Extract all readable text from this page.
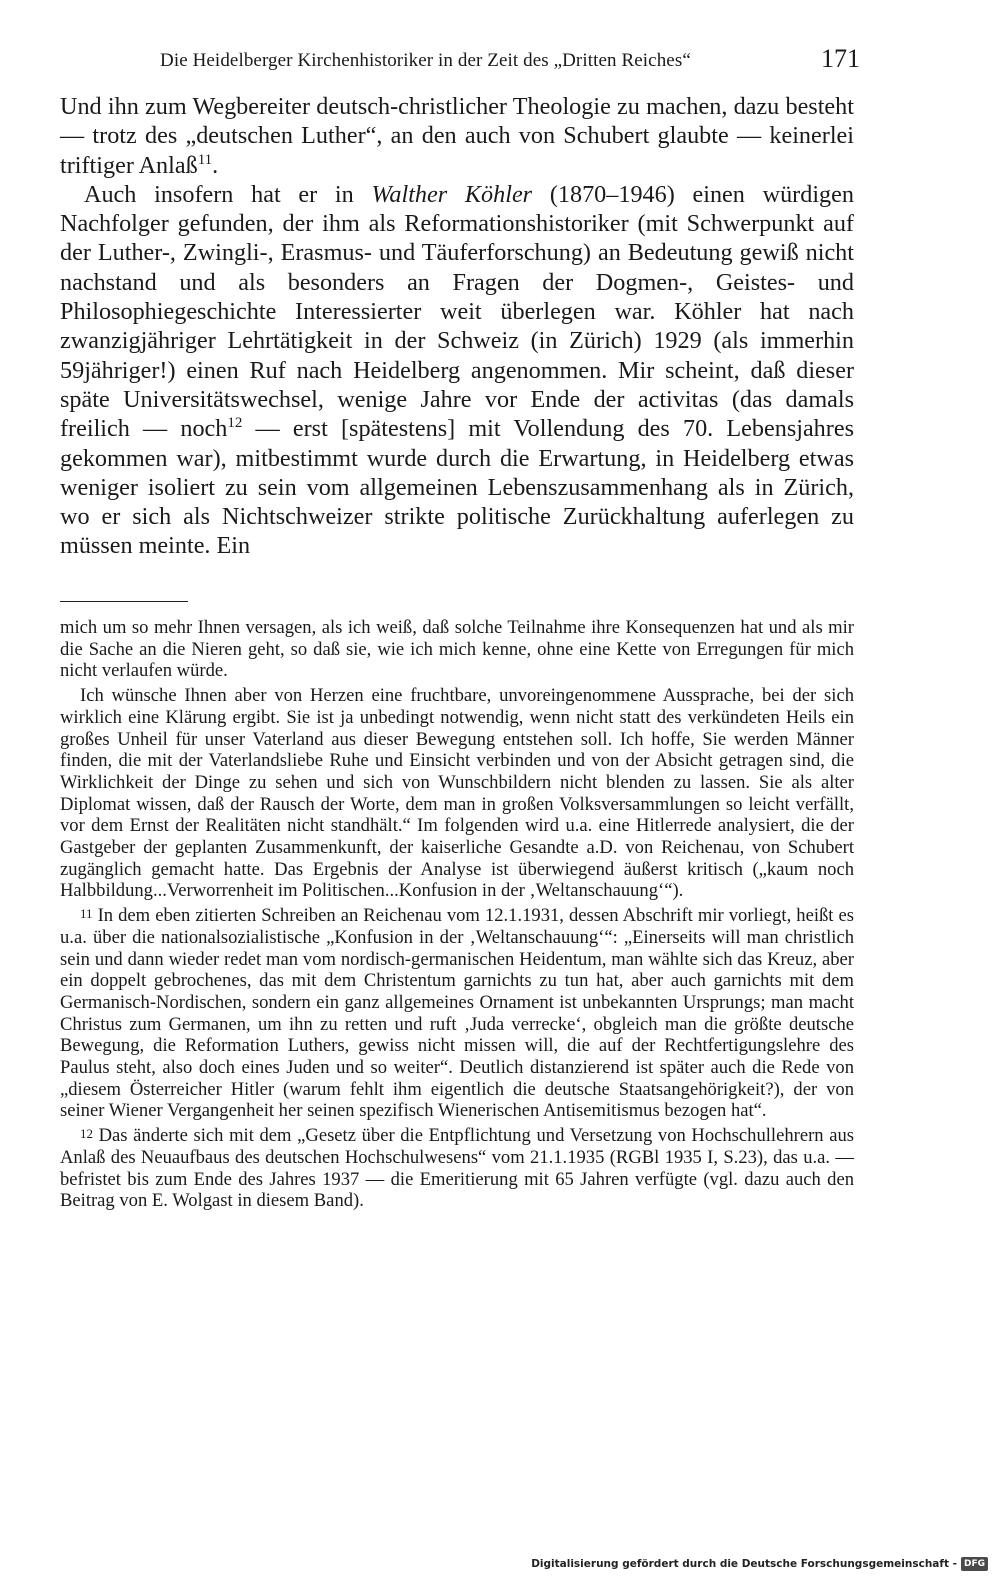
Die Heidelberger Kirchenhistoriker in der Zeit des „Dritten Reiches“	171

Und ihn zum Wegbereiter deutsch-christlicher Theologie zu machen, dazu besteht — trotz des „deutschen Luther“, an den auch von Schubert glaubte — keinerlei triftiger Anlaß$^{11}$.

Auch insofern hat er in Walther Köhler (1870–1946) einen würdigen Nachfolger gefunden, der ihm als Reformationshistoriker (mit Schwerpunkt auf der Luther-, Zwingli-, Erasmus- und Täuferforschung) an Bedeutung gewiß nicht nachstand und als besonders an Fragen der Dogmen-, Geistes- und Philosophiegeschichte Interessierter weit überlegen war. Köhler hat nach zwanzigjähriger Lehrtätigkeit in der Schweiz (in Zürich) 1929 (als immerhin 59jähriger!) einen Ruf nach Heidelberg angenommen. Mir scheint, daß dieser späte Universitätswechsel, wenige Jahre vor Ende der activitas (das damals freilich — noch$^{12}$ — erst [spätestens] mit Vollendung des 70. Lebensjahres gekommen war), mitbestimmt wurde durch die Erwartung, in Heidelberg etwas weniger isoliert zu sein vom allgemeinen Lebenszusammenhang als in Zürich, wo er sich als Nichtschweizer strikte politische Zurückhaltung auferlegen zu müssen meinte. Ein

mich um so mehr Ihnen versagen, als ich weiß, daß solche Teilnahme ihre Konsequenzen hat und als mir die Sache an die Nieren geht, so daß sie, wie ich mich kenne, ohne eine Kette von Erregungen für mich nicht verlaufen würde.

Ich wünsche Ihnen aber von Herzen eine fruchtbare, unvoreingenommene Aussprache, bei der sich wirklich eine Klärung ergibt. Sie ist ja unbedingt notwendig, wenn nicht statt des verkündeten Heils ein großes Unheil für unser Vaterland aus dieser Bewegung entstehen soll. Ich hoffe, Sie werden Männer finden, die mit der Vaterlandsliebe Ruhe und Einsicht verbinden und von der Absicht getragen sind, die Wirklichkeit der Dinge zu sehen und sich von Wunschbildern nicht blenden zu lassen. Sie als alter Diplomat wissen, daß der Rausch der Worte, dem man in großen Volksversammlungen so leicht verfällt, vor dem Ernst der Realitäten nicht standhält.“ Im folgenden wird u.a. eine Hitlerrede analysiert, die der Gastgeber der geplanten Zusammenkunft, der kaiserliche Gesandte a.D. von Reichenau, von Schubert zugänglich gemacht hatte. Das Ergebnis der Analyse ist überwiegend äußerst kritisch („kaum noch Halbbildung...Verworrenheit im Politischen...Konfusion in der ‚Weltanschauung‘“).

$^{11}$ In dem eben zitierten Schreiben an Reichenau vom 12.1.1931, dessen Abschrift mir vorliegt, heißt es u.a. über die nationalsozialistische „Konfusion in der ‚Weltanschauung‘“: „Einerseits will man christlich sein und dann wieder redet man vom nordisch-germanischen Heidentum, man wählte sich das Kreuz, aber ein doppelt gebrochenes, das mit dem Christentum garnichts zu tun hat, aber auch garnichts mit dem Germanisch-Nordischen, sondern ein ganz allgemeines Ornament ist unbekannten Ursprungs; man macht Christus zum Germanen, um ihn zu retten und ruft ‚Juda verrecke‘, obgleich man die größte deutsche Bewegung, die Reformation Luthers, gewiss nicht missen will, die auf der Rechtfertigungslehre des Paulus steht, also doch eines Juden und so weiter“. Deutlich distanzierend ist später auch die Rede von „diesem Österreicher Hitler (warum fehlt ihm eigentlich die deutsche Staatsangehörigkeit?), der von seiner Wiener Vergangenheit her seinen spezifisch Wienerischen Antisemitismus bezogen hat“.

$^{12}$ Das änderte sich mit dem „Gesetz über die Entpflichtung und Versetzung von Hochschullehrern aus Anlaß des Neuaufbaus des deutschen Hochschulwesens“ vom 21.1.1935 (RGBl 1935 I, S.23), das u.a. — befristet bis zum Ende des Jahres 1937 — die Emeritierung mit 65 Jahren verfügte (vgl. dazu auch den Beitrag von E. Wolgast in diesem Band).

Digitalisierung gefördert durch die Deutsche Forschungsgemeinschaft - DFG
